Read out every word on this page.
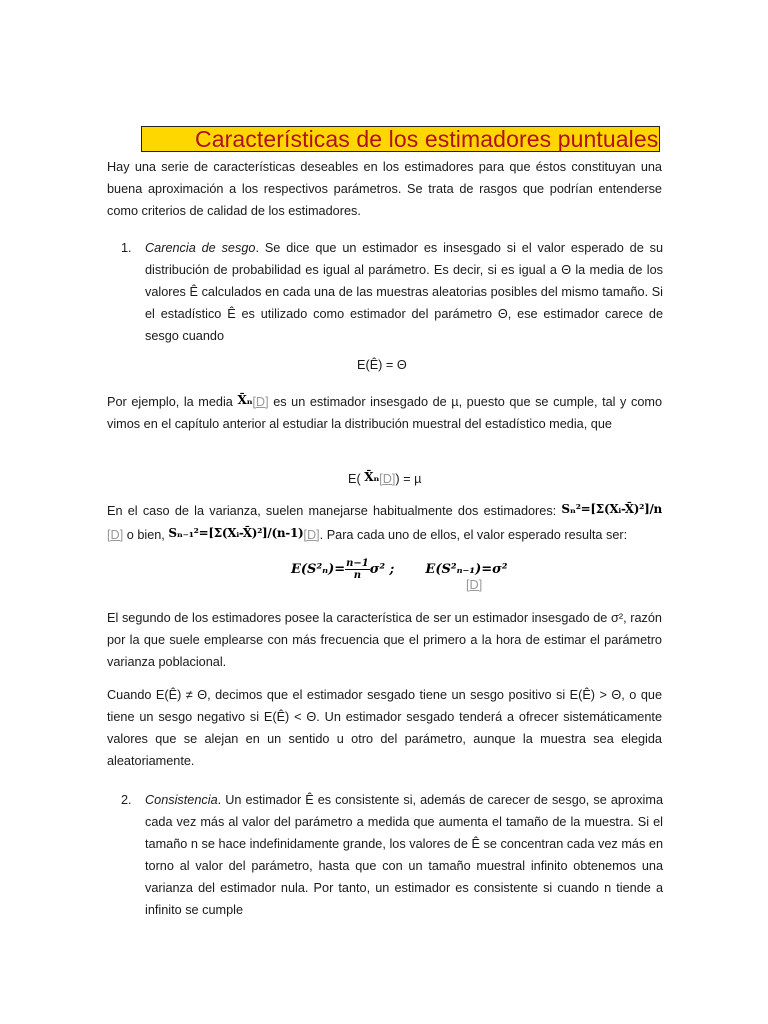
Características de los estimadores puntuales

Hay una serie de características deseables en los estimadores para que éstos constituyan una buena aproximación a los respectivos parámetros. Se trata de rasgos que podrían entenderse como criterios de calidad de los estimadores.

1. Carencia de sesgo. Se dice que un estimador es insesgado si el valor esperado de su distribución de probabilidad es igual al parámetro. Es decir, si es igual a Θ la media de los valores Ê calculados en cada una de las muestras aleatorias posibles del mismo tamaño. Si el estadístico Ê es utilizado como estimador del parámetro Θ, ese estimador carece de sesgo cuando

E(Ê) = Θ

Por ejemplo, la media X̄ₙ[D] es un estimador insesgado de µ, puesto que se cumple, tal y como vimos en el capítulo anterior al estudiar la distribución muestral del estadístico media, que

E( X̄ₙ[D]) = µ

En el caso de la varianza, suelen manejarse habitualmente dos estimadores: Sₙ²=[Σ(Xᵢ-X̄)²]/n [D] o bien, Sₙ₋₁²=[Σ(Xᵢ-X̄)²]/(n-1)[D]. Para cada uno de ellos, el valor esperado resulta ser:

$E(S^2_n)= \frac{n-1}{n} \sigma^2$ ; E(S²ₙ₋₁)=σ²
[D]

El segundo de los estimadores posee la característica de ser un estimador insesgado de σ², razón por la que suele emplearse con más frecuencia que el primero a la hora de estimar el parámetro varianza poblacional.

Cuando E(Ê) ≠ Θ, decimos que el estimador sesgado tiene un sesgo positivo si E(Ê) > Θ, o que tiene un sesgo negativo si E(Ê) < Θ. Un estimador sesgado tenderá a ofrecer sistemáticamente valores que se alejan en un sentido u otro del parámetro, aunque la muestra sea elegida aleatoriamente.

2. Consistencia. Un estimador Ê es consistente si, además de carecer de sesgo, se aproxima cada vez más al valor del parámetro a medida que aumenta el tamaño de la muestra. Si el tamaño n se hace indefinidamente grande, los valores de Ê se concentran cada vez más en torno al valor del parámetro, hasta que con un tamaño muestral infinito obtenemos una varianza del estimador nula. Por tanto, un estimador es consistente si cuando n tiende a infinito se cumple
